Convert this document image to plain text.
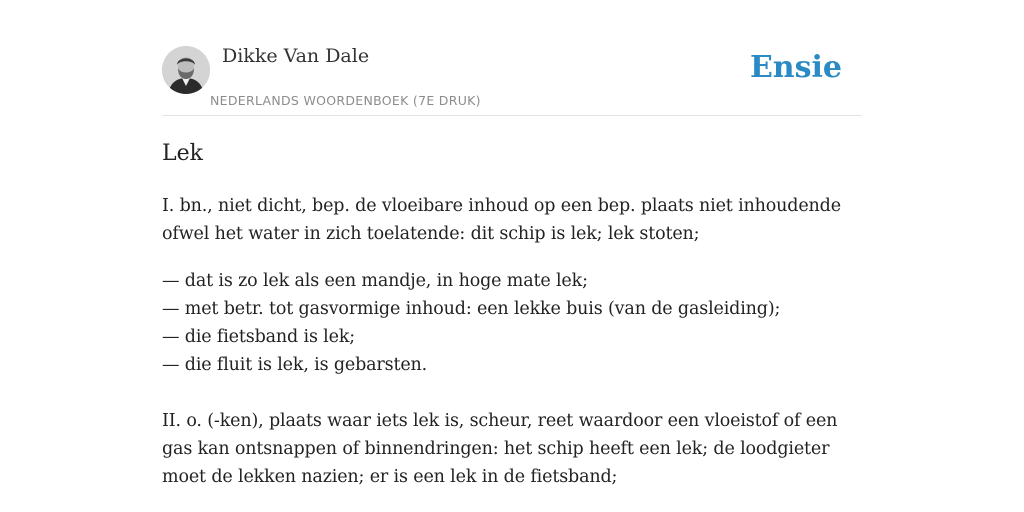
Dikke Van Dale
NEDERLANDS WOORDENBOEK (7E DRUK)
Ensie
Lek

I. bn., niet dicht, bep. de vloeibare inhoud op een bep. plaats niet inhoudende ofwel het water in zich toelatende: dit schip is lek; lek stoten;

— dat is zo lek als een mandje, in hoge mate lek;
— met betr. tot gasvormige inhoud: een lekke buis (van de gasleiding);
— die fietsband is lek;
— die fluit is lek, is gebarsten.

II. o. (-ken), plaats waar iets lek is, scheur, reet waardoor een vloeistof of een gas kan ontsnappen of binnendringen: het schip heeft een lek; de loodgieter moet de lekken nazien; er is een lek in de fietsband;
